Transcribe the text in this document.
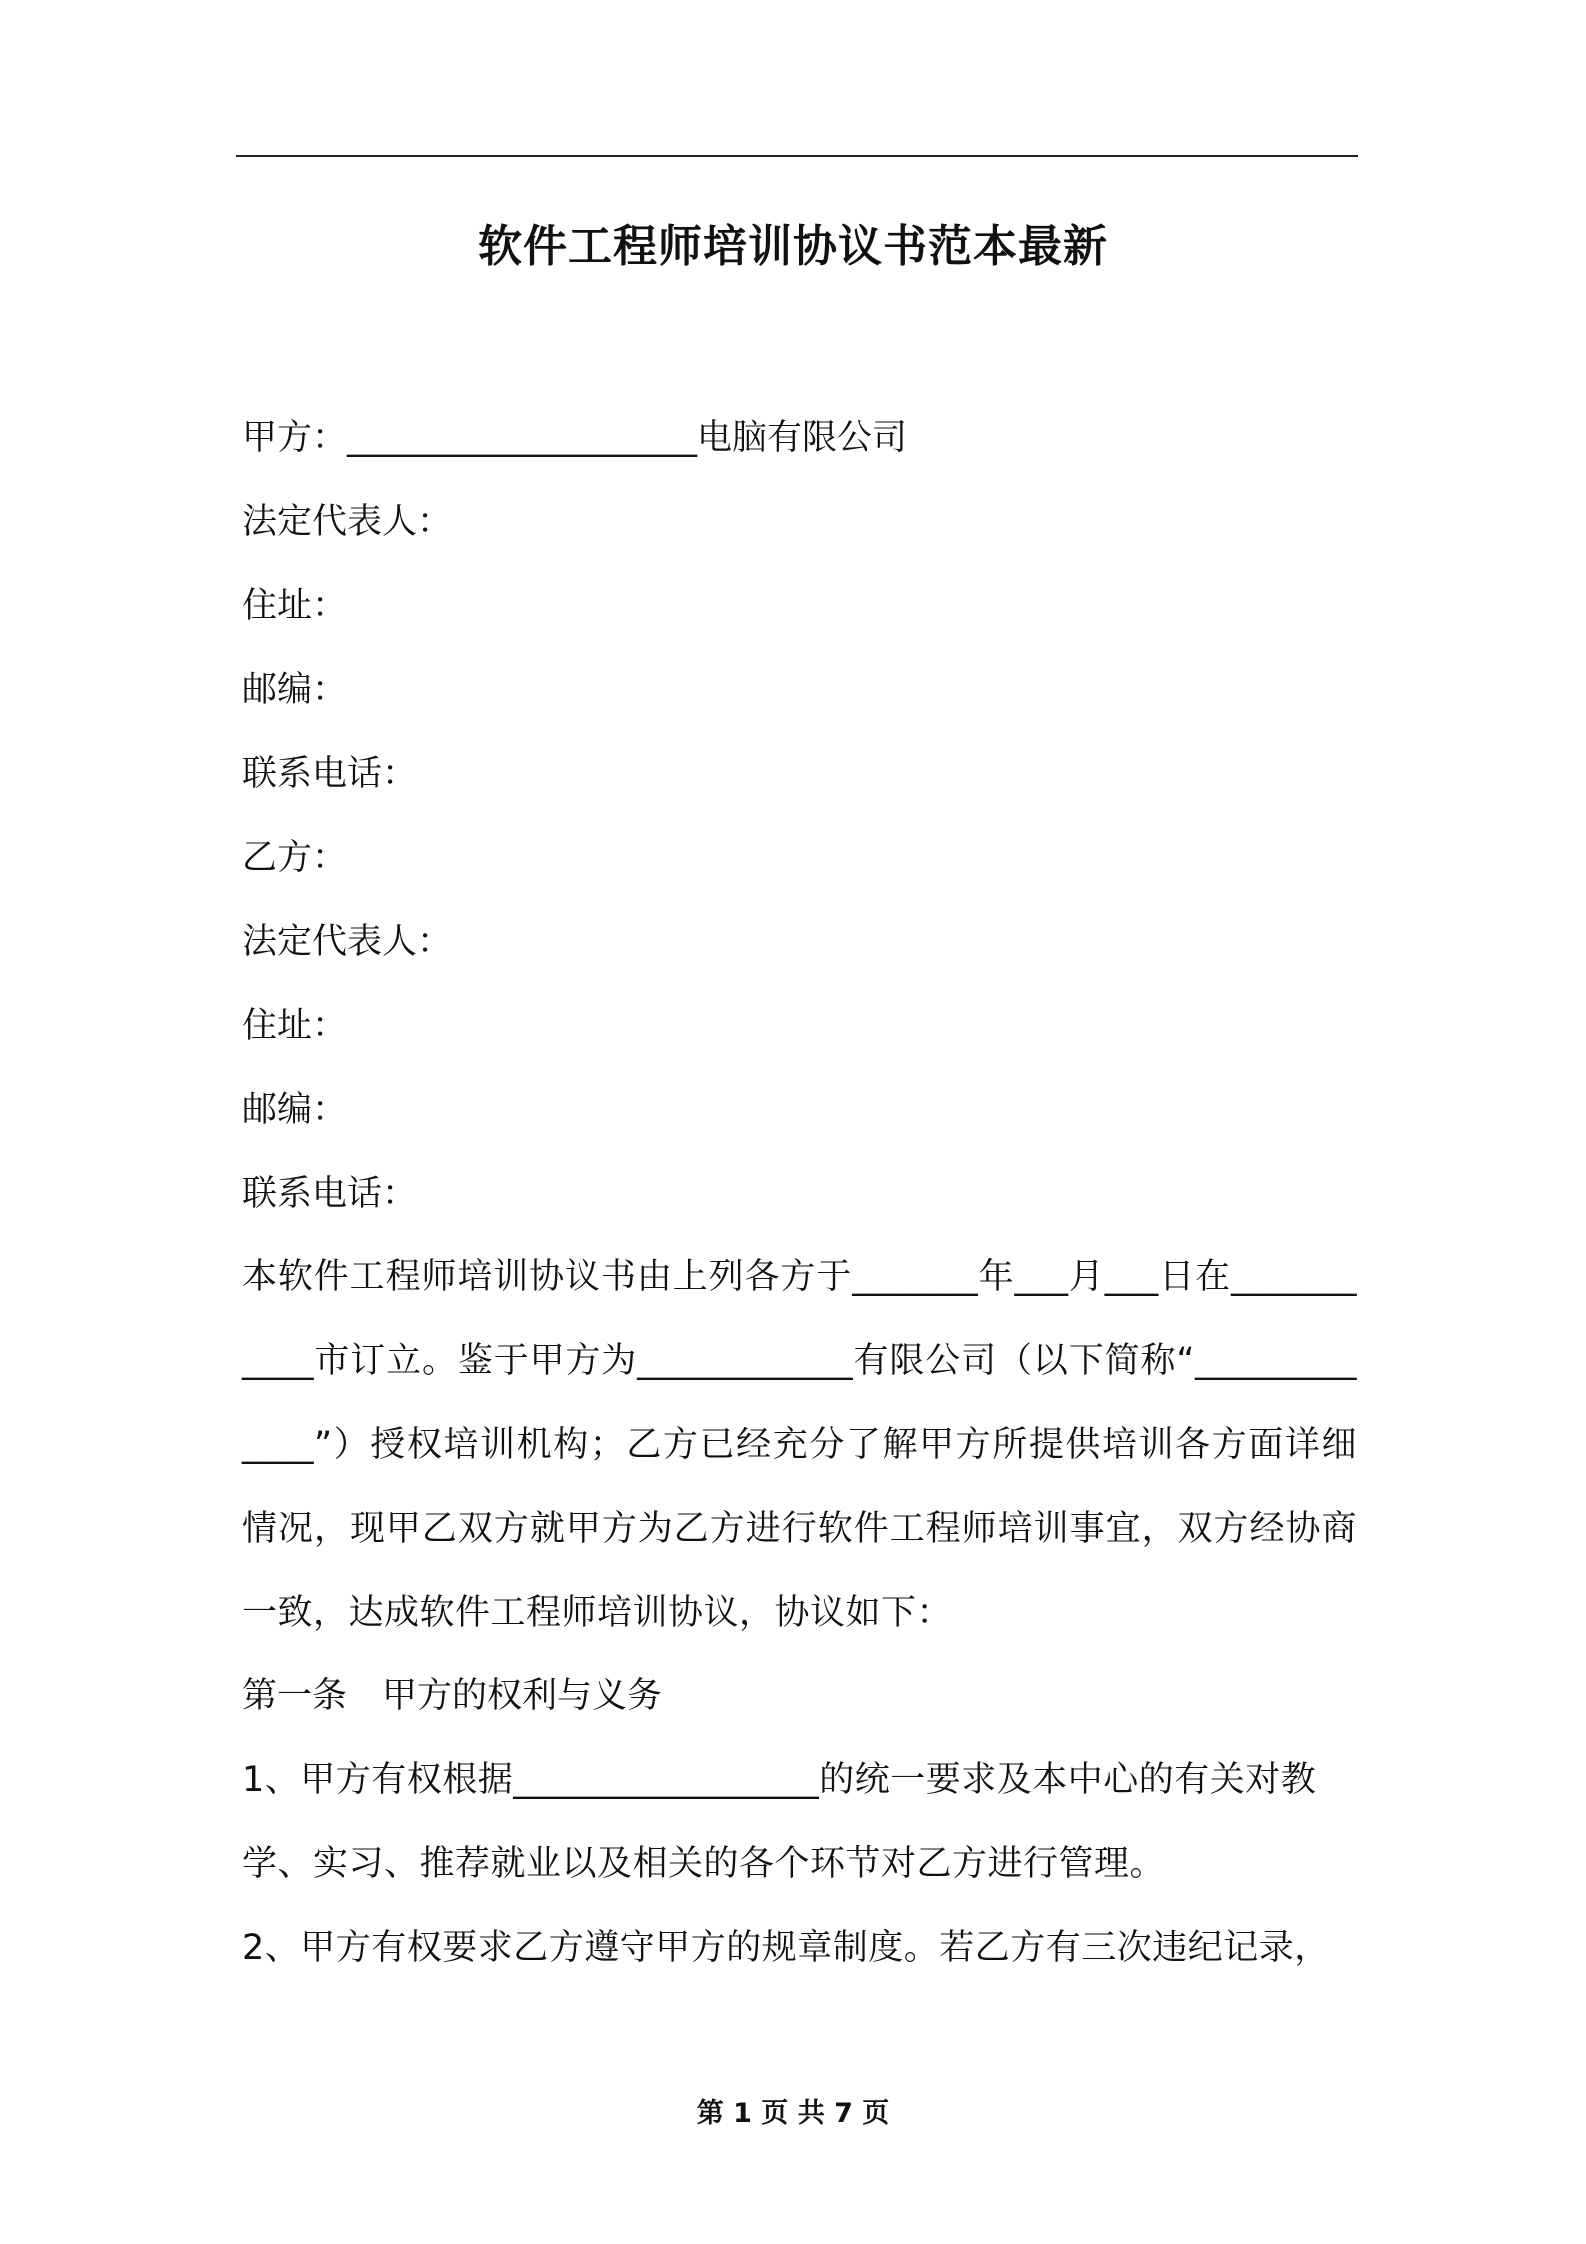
软件工程师培训协议书范本最新
甲方：____________________电脑有限公司
法定代表人：
住址：
邮编：
联系电话：
乙方：
法定代表人：
住址：
邮编：
联系电话：
本软件工程师培训协议书由上列各方于_______年___月___日在___________市订立。鉴于甲方为____________有限公司（以下简称“_____________”）授权培训机构；乙方已经充分了解甲方所提供培训各方面详细情况，现甲乙双方就甲方为乙方进行软件工程师培训事宜，双方经协商一致，达成软件工程师培训协议，协议如下：
第一条　甲方的权利与义务
1、甲方有权根据_________________的统一要求及本中心的有关对教学、实习、推荐就业以及相关的各个环节对乙方进行管理。
2、甲方有权要求乙方遵守甲方的规章制度。若乙方有三次违纪记录，
第 1 页 共 7 页
